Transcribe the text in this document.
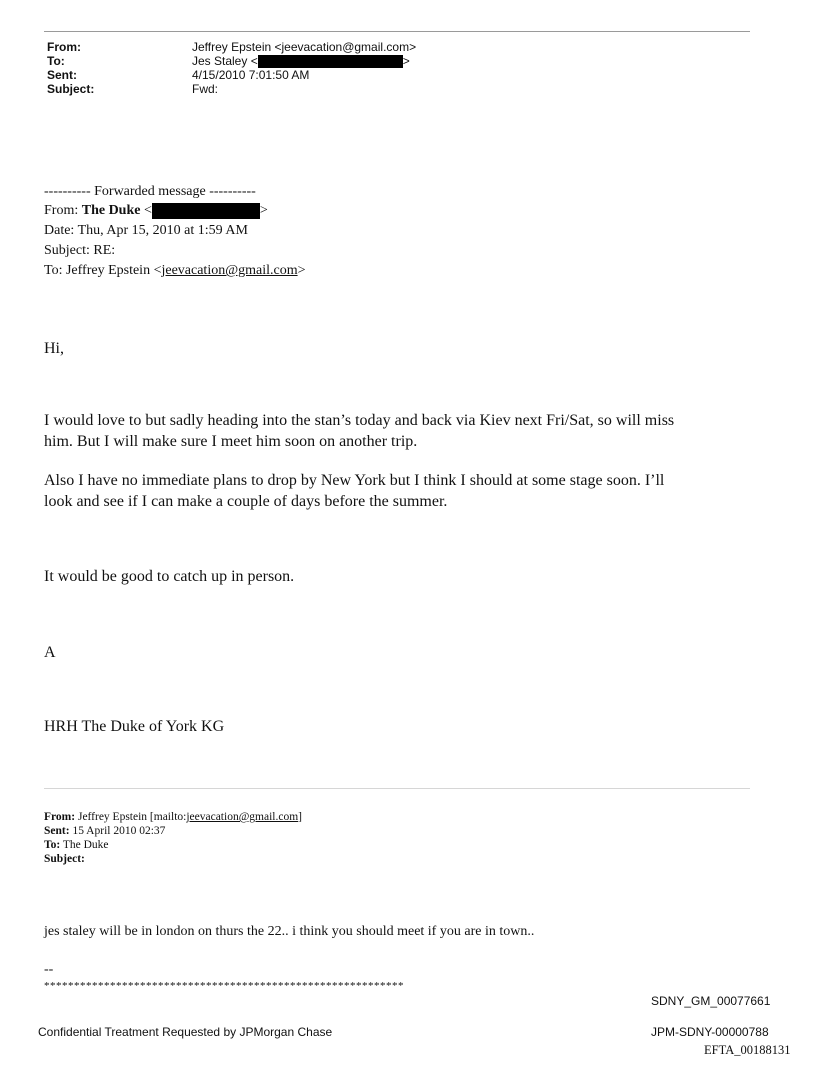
From:	Jeffrey Epstein <jeevacation@gmail.com>
To:	Jes Staley <	>
Sent:	4/15/2010 7:01:50 AM
Subject:	Fwd:
---------- Forwarded message ----------
From: The Duke <	>
Date: Thu, Apr 15, 2010 at 1:59 AM
Subject: RE:
To: Jeffrey Epstein <jeevacation@gmail.com>
Hi,
I would love to but sadly heading into the stan’s today and back via Kiev next Fri/Sat, so will miss
him. But I will make sure I meet him soon on another trip.
Also I have no immediate plans to drop by New York but I think I should at some stage soon. I’ll
look and see if I can make a couple of days before the summer.
It would be good to catch up in person.
A
HRH The Duke of York KG
From: Jeffrey Epstein [mailto:jeevacation@gmail.com]
Sent: 15 April 2010 02:37
To: The Duke
Subject:
jes staley will be in london on thurs the 22.. i think you should meet if you are in town..
--
************************************************************
SDNY_GM_00077661
Confidential Treatment Requested by JPMorgan Chase	JPM-SDNY-00000788
EFTA_00188131
